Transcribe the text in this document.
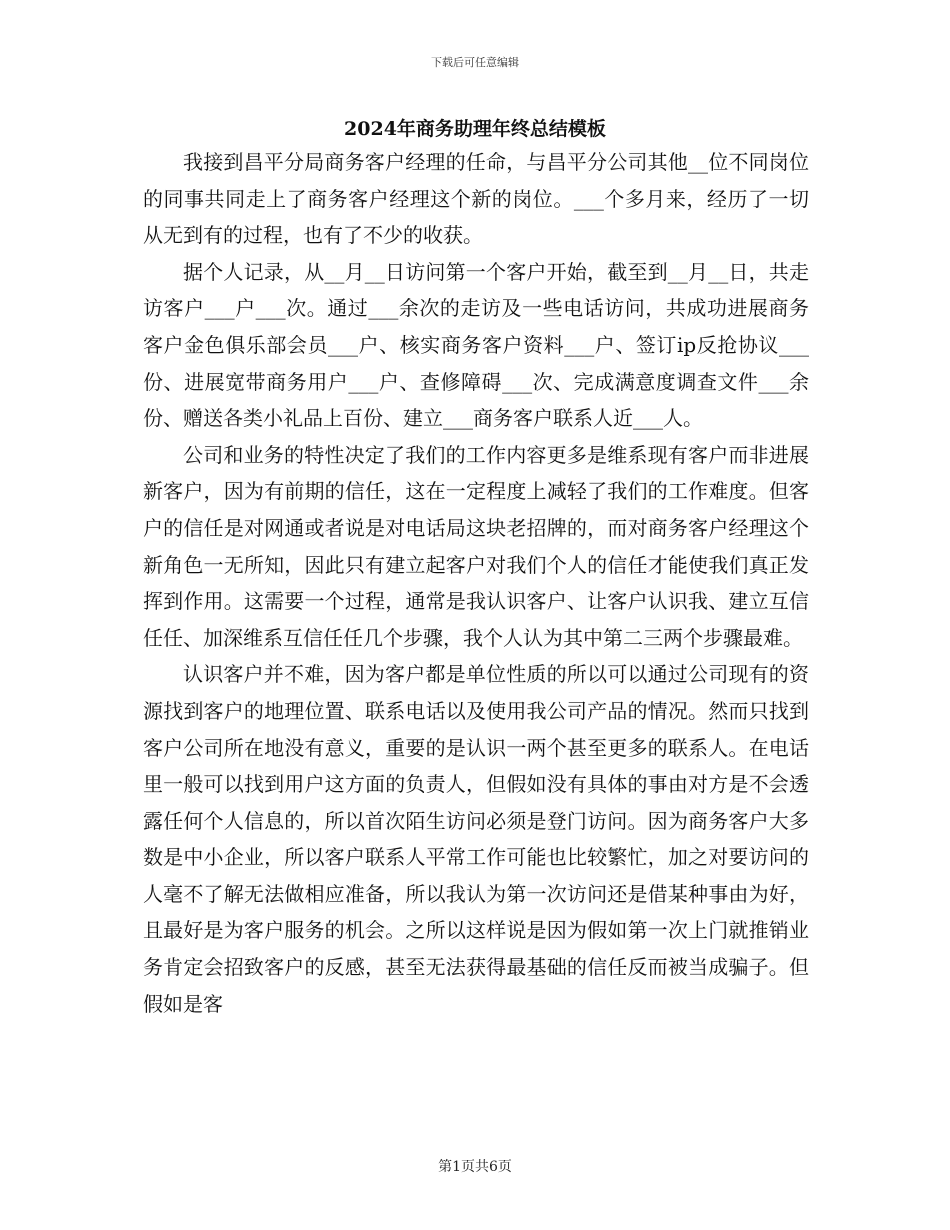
下载后可任意编辑
2024年商务助理年终总结模板

我接到昌平分局商务客户经理的任命，与昌平分公司其他__位不同岗位的同事共同走上了商务客户经理这个新的岗位。___个多月来，经历了一切从无到有的过程，也有了不少的收获。

据个人记录，从__月__日访问第一个客户开始，截至到__月__日，共走访客户___户___次。通过___余次的走访及一些电话访问，共成功进展商务客户金色俱乐部会员___户、核实商务客户资料___户、签订ip反抢协议___份、进展宽带商务用户___户、查修障碍___次、完成满意度调查文件___余份、赠送各类小礼品上百份、建立___商务客户联系人近___人。

公司和业务的特性决定了我们的工作内容更多是维系现有客户而非进展新客户，因为有前期的信任，这在一定程度上减轻了我们的工作难度。但客户的信任是对网通或者说是对电话局这块老招牌的，而对商务客户经理这个新角色一无所知，因此只有建立起客户对我们个人的信任才能使我们真正发挥到作用。这需要一个过程，通常是我认识客户、让客户认识我、建立互信任任、加深维系互信任任几个步骤，我个人认为其中第二三两个步骤最难。

认识客户并不难，因为客户都是单位性质的所以可以通过公司现有的资源找到客户的地理位置、联系电话以及使用我公司产品的情况。然而只找到客户公司所在地没有意义，重要的是认识一两个甚至更多的联系人。在电话里一般可以找到用户这方面的负责人，但假如没有具体的事由对方是不会透露任何个人信息的，所以首次陌生访问必须是登门访问。因为商务客户大多数是中小企业，所以客户联系人平常工作可能也比较繁忙，加之对要访问的人毫不了解无法做相应准备，所以我认为第一次访问还是借某种事由为好，且最好是为客户服务的机会。之所以这样说是因为假如第一次上门就推销业务肯定会招致客户的反感，甚至无法获得最基础的信任反而被当成骗子。但假如是客

第1页共6页
